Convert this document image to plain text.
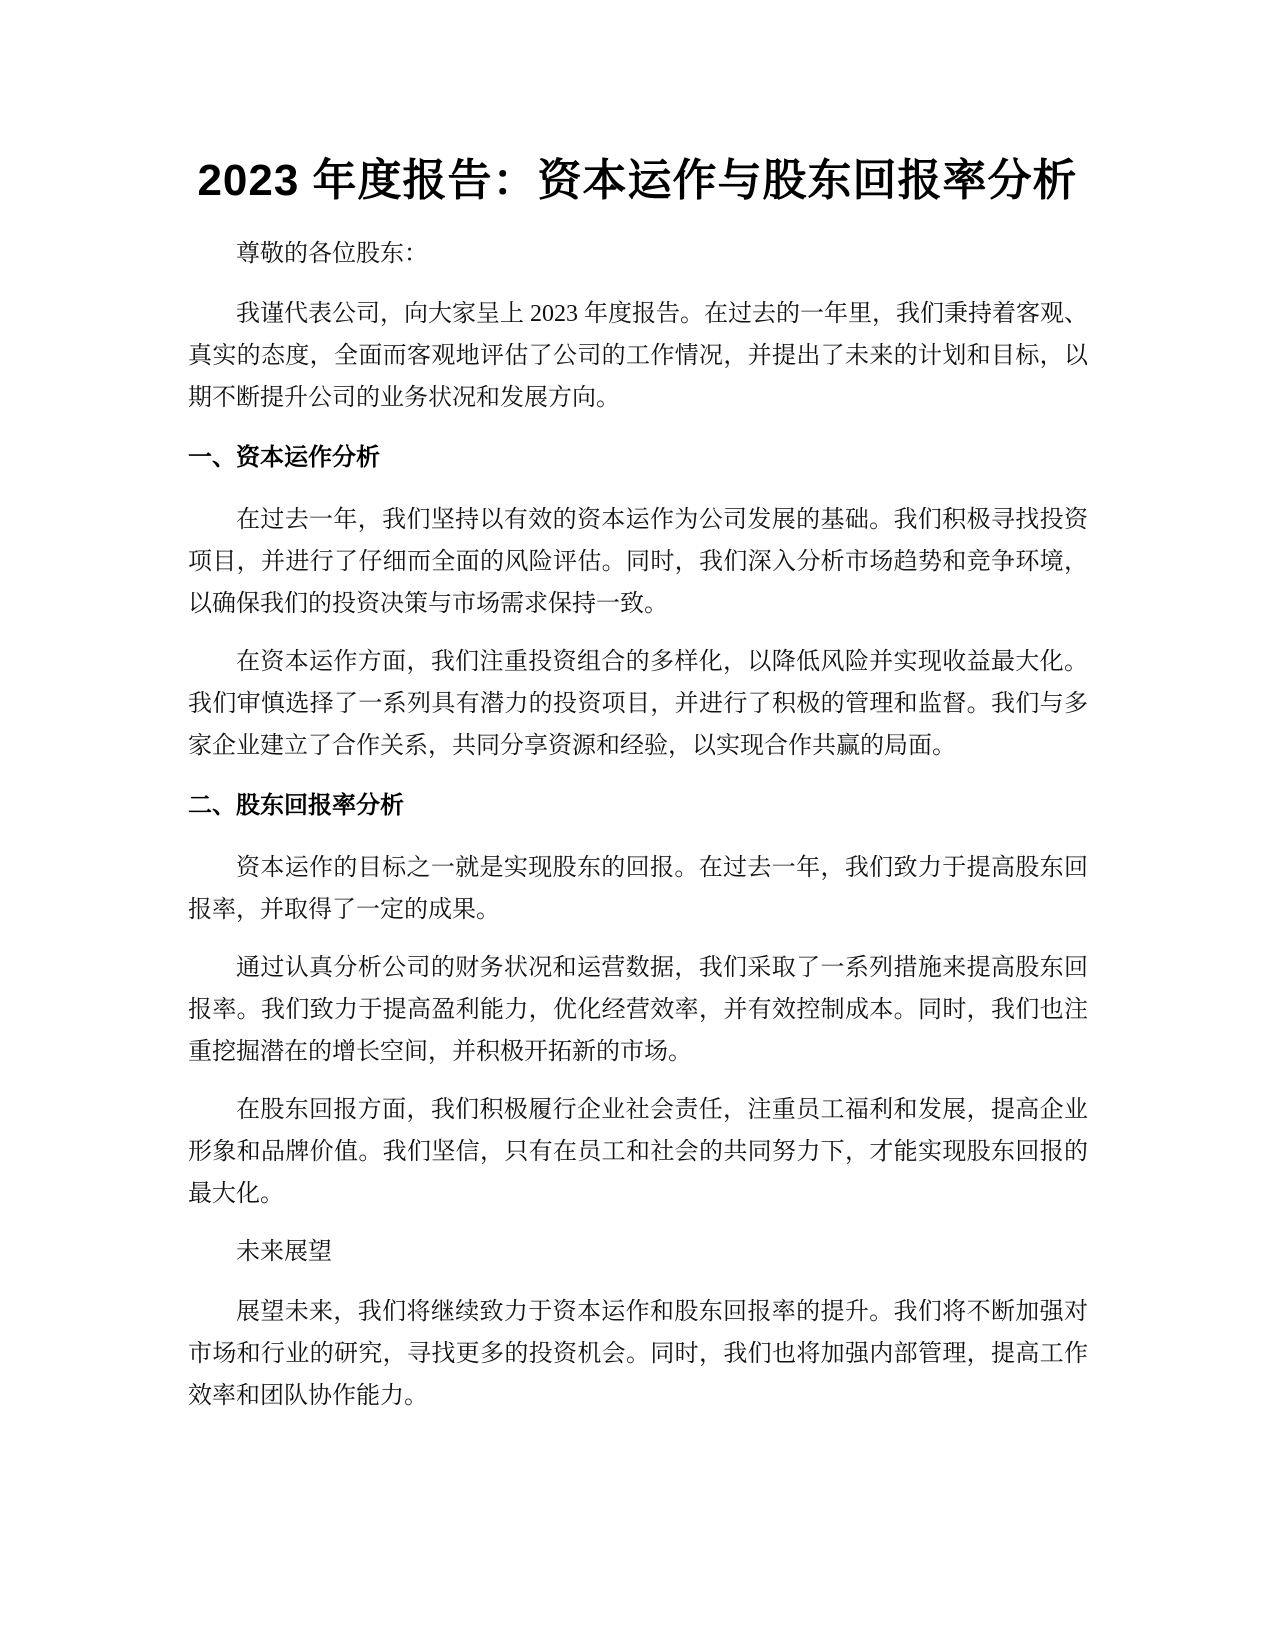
2023 年度报告：资本运作与股东回报率分析
尊敬的各位股东：
我谨代表公司，向大家呈上 2023 年度报告。在过去的一年里，我们秉持着客观、真实的态度，全面而客观地评估了公司的工作情况，并提出了未来的计划和目标，以期不断提升公司的业务状况和发展方向。
一、资本运作分析
在过去一年，我们坚持以有效的资本运作为公司发展的基础。我们积极寻找投资项目，并进行了仔细而全面的风险评估。同时，我们深入分析市场趋势和竞争环境，以确保我们的投资决策与市场需求保持一致。
在资本运作方面，我们注重投资组合的多样化，以降低风险并实现收益最大化。我们审慎选择了一系列具有潜力的投资项目，并进行了积极的管理和监督。我们与多家企业建立了合作关系，共同分享资源和经验，以实现合作共赢的局面。
二、股东回报率分析
资本运作的目标之一就是实现股东的回报。在过去一年，我们致力于提高股东回报率，并取得了一定的成果。
通过认真分析公司的财务状况和运营数据，我们采取了一系列措施来提高股东回报率。我们致力于提高盈利能力，优化经营效率，并有效控制成本。同时，我们也注重挖掘潜在的增长空间，并积极开拓新的市场。
在股东回报方面，我们积极履行企业社会责任，注重员工福利和发展，提高企业形象和品牌价值。我们坚信，只有在员工和社会的共同努力下，才能实现股东回报的最大化。
未来展望
展望未来，我们将继续致力于资本运作和股东回报率的提升。我们将不断加强对市场和行业的研究，寻找更多的投资机会。同时，我们也将加强内部管理，提高工作效率和团队协作能力。
